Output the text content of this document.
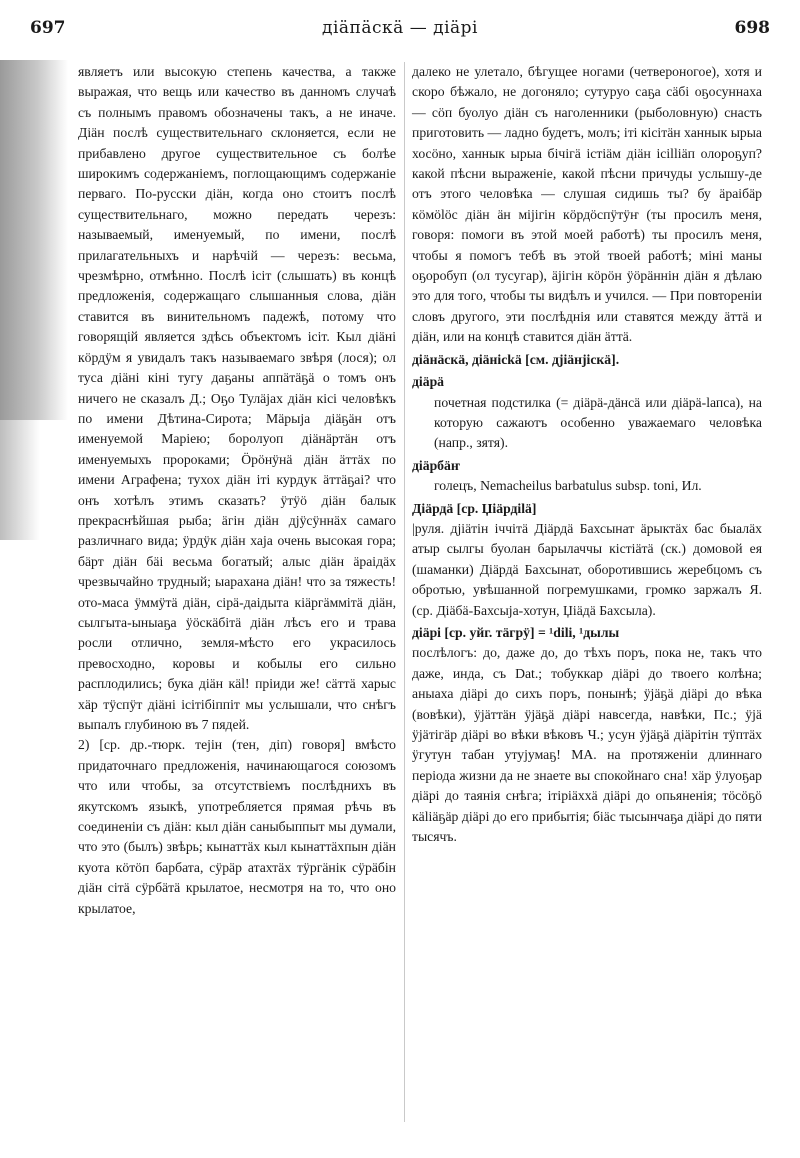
697	діäпäскä — діäрі	698

являетъ или высокую степень качества, а также выражая, что вещь или качество въ данномъ случаѣ съ полнымъ правомъ обозначены такъ, а не иначе. Діäн послѣ существительнаго склоняется, если не прибавлено другое существительное съ болѣе широкимъ содержаніемъ, поглощающимъ содержаніе перваго. По-русски діäн, когда оно стоитъ послѣ существительнаго, можно передать черезъ: называемый, именуемый, по имени, послѣ прилагательныхъ и нарѣчій — черезъ: весьма, чрезмѣрно, отмѣнно. Послѣ ісіт (слышать) въ концѣ предложенія, содержащаго слышанныя слова, діäн ставится въ винительномъ падежѣ, потому что говорящій является здѣсь объектомъ ісіт. Кыл діäні кöрдÿм я увидалъ такъ называемаго звѣря (лося); ол туса діäні кіні тугу даҕаны аппäтäҕä о томъ онъ ничего не сказалъ Д.; Оҕо Тулäјах діäн кісі человѣкъ по имени Дѣтина-Сирота; Мäрыја діäҕäн отъ именуемой Маріею; боролуоп діäнäртäн отъ именуемыхъ пророками; Öрöнÿнä діäн äттäх по имени Аграфена; тухох діäн іті курдук äттäҕаі? что онъ хотѣлъ этимъ сказать? ÿтÿö діäн балык прекраснѣйшая рыба; äгін діäн дјÿсÿннäх самаго различнаго вида; ÿрдÿк діäн хаја очень высокая гора; бäрт діäн бäі весьма богатый; алыс діäн äраідäх чрезвычайно трудный; ыарахана діäн! что за тяжесть! ото-маса ÿммÿтä діäн, сірä-даідыта кіäргäммітä діäн, сылгыта-ыныаҕа ÿöскäбітä діäн лѣсъ его и трава росли отлично, земля-мѣсто его украсилось превосходно, коровы и кобылы его сильно расплодились; бука діäн кäl! пріиди же! сäттä харыс хäр тÿспÿт діäні ісітібіппіт мы услышали, что снѣгъ выпалъ глубиною въ 7 пядей.

2) [ср. др.-тюрк. теjін (тен, діп) говоря] вмѣсто придаточнаго предложенія, начинающагося союзомъ что или чтобы, за отсутствіемъ послѣднихъ въ якутскомъ языкѣ, употребляется прямая рѣчь въ соединеніи съ діäн: кыл діäн саныбыппыт мы думали, что это (былъ) звѣрь; кынаттäх кыл кынаттäхпын діäн куота кöтöп барбата, сÿрäр атахтäх тÿргäнік сÿрäбін діäн сітä сÿрбäтä крылатое, несмотря на то, что оно крылатое,

далеко не улетало, бѣгущее ногами (четвероногое), хотя и скоро бѣжало, не догоняло; сутуруо саҕа сäбі оҕосуннаха — сöп буолуо діäн съ наголенники (рыболовную) снасть приготовить — ладно будетъ, молъ; іті кісітäн ханнык ырыа хосöно, ханнык ырыа бічігä істіäм діäн ісіllіäп олороҕуп? какой пѣсни выраженіе, какой пѣсни причуды услышу-де отъ этого человѣка — слушая сидишь ты? бу äраібäр кöмölöс діäн äн міјігін кöрдöспÿтÿҥ (ты просилъ меня, говоря: помоги въ этой моей работѣ) ты просилъ меня, чтобы я помогъ тебѣ въ этой твоей работѣ; міні маны оҕоробуп (ол тусугар), äјігін кöрöн ÿöрäннін діäн я дѣлаю это для того, чтобы ты видѣлъ и учился. — При повтореніи словъ другого, эти послѣднія или ставятся между äттä и діäн, или на концѣ ставится діäн äттä.

діäнäскä, діäнісkä [см. дјіäнјіскä].
діäрä
почетная подстилка (= діäрä-дäнсä или діäрä-lапса), на которую сажаютъ особенно уважаемаго человѣка (напр., зятя).
діäрбäҥ
голецъ, Nemacheilus barbatulus subsp. toni, Ил.
Діäрдä [ср. Џіäрдіlä]
|руля. дјіäтін іччітä Діäрдä Бахсынат äрыктäх бас быалäх атыр сылгы буолан барылаччы кістіäтä (ск.) домовой ея (шаманки) Діäрдä Бахсынат, оборотившись жеребцомъ съ обротью, увѣшанной погремушками, громко заржалъ Я. (ср. Діäбä-Бахсыја-хотун, Џіäдä Бахсыла).
діäрі [ср. уйг. тäгрÿ] = ¹dili, ¹дылы
послѣлогъ: до, даже до, до тѣхъ поръ, пока не, такъ что даже, инда, съ Dat.; тобуккар діäрі до твоего колѣна; аныаха діäрі до сихъ поръ, понынѣ; ÿјäҕä діäрі до вѣка (вовѣки), ÿјäттäн ÿјäҕä діäрі навсегда, навѣки, Пс.; ÿјä ÿјäтігäр діäрі во вѣки вѣковъ Ч.; усун ÿјäҕä діäрітін тÿптäх ÿгутун табан утујумаҕ! МА. на протяженіи длиннаго періода жизни да не знаете вы спокойнаго сна! хäр ÿлуоҕар діäрі до таянія снѣга; ітіріäххä діäрі до опьяненія; тöсöҕö кälіäҕäр діäрі до его прибытія; біäс тысынчаҕа діäрі до пяти тысячъ.
